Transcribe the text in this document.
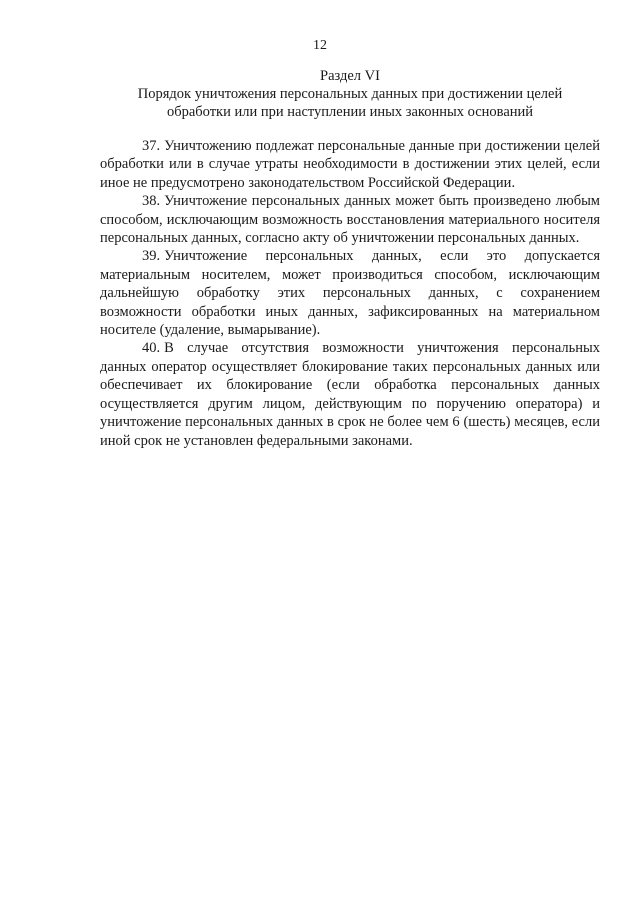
12
Раздел VI
Порядок уничтожения персональных данных при достижении целей
обработки или при наступлении иных законных оснований

37. Уничтожению подлежат персональные данные при достижении целей обработки или в случае утраты необходимости в достижении этих целей, если иное не предусмотрено законодательством Российской Федерации.

38. Уничтожение персональных данных может быть произведено любым способом, исключающим возможность восстановления материального носителя персональных данных, согласно акту об уничтожении персональных данных.

39. Уничтожение персональных данных, если это допускается материальным носителем, может производиться способом, исключающим дальнейшую обработку этих персональных данных, с сохранением возможности обработки иных данных, зафиксированных на материальном носителе (удаление, вымарывание).

40. В случае отсутствия возможности уничтожения персональных данных оператор осуществляет блокирование таких персональных данных или обеспечивает их блокирование (если обработка персональных данных осуществляется другим лицом, действующим по поручению оператора) и уничтожение персональных данных в срок не более чем 6 (шесть) месяцев, если иной срок не установлен федеральными законами.
